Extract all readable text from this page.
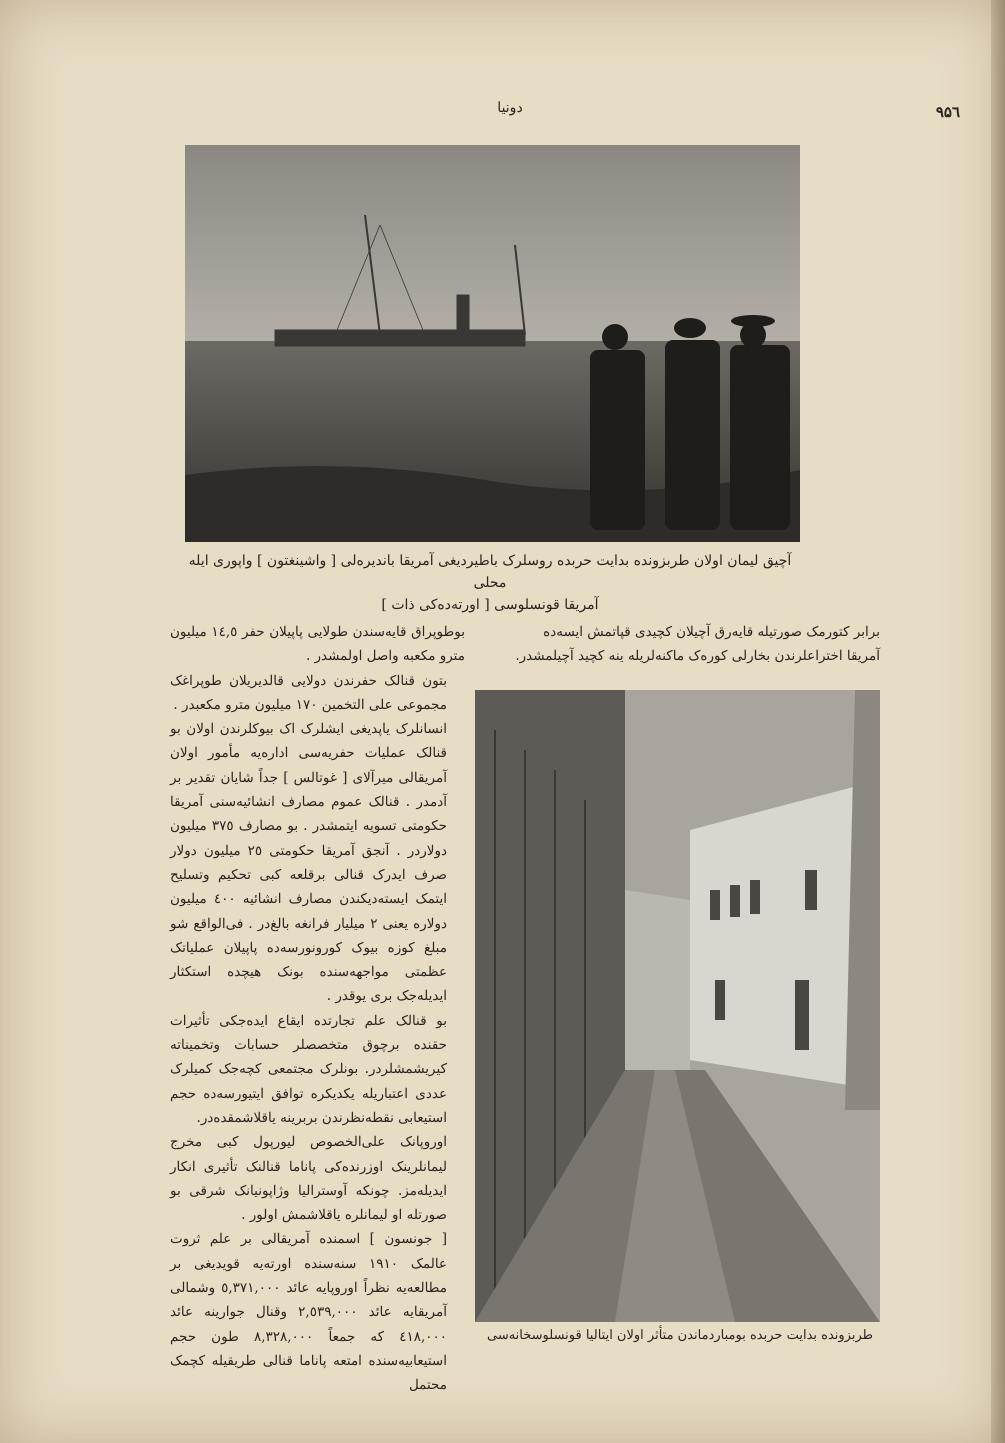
دونیا	۹۵٦
آچیق لیمان اولان طربزونده بدایت حربده روسلرک باطیردیغی آمریقا باندیره‌لی [ واشینغتون ] واپوری ایله محلی
آمریقا قونسلوسی [ اورته‌ده‌کی ذات ]

برابر کتورمک صورتیله قایه‌رق آچیلان کچیدی قپاتمش ایسه‌ده

آمریقا اختراعلرندن بخارلی کوره‌ک ماکنه‌لریله ینه کچید آچیلمشدر.

بوطوپراق قایه‌سندن طولایی پاپیلان حفر ۱٤,٥ میلیون مترو مکعبه واصل اولمشدر .

بتون قنالک حفرندن دولایی قالدیریلان طوپراغک مجموعی علی التخمین ۱۷۰ میلیون مترو مکعبدر .

انسانلرک یاپدیغی ایشلرک اک بیوکلرندن اولان بو قنالک عملیات حفریه‌سی اداره‌یه مأمور اولان آمریقالی میرآلای [ غوتالس ] جداً شایان تقدیر بر آدمدر . قنالک عموم مصارف انشائیه‌سنی آمریقا حکومتی تسویه ایتمشدر . بو مصارف ۳۷٥ میلیون دولاردر . آنجق آمریقا حکومتی ۲٥ میلیون دولار صرف ایدرک قنالی برقلعه کبی تحکیم وتسلیح ایتمک ایسته‌دیکندن مصارف انشائیه ٤۰۰ میلیون دولاره یعنی ۲ میلیار فرانغه بالغ‌در . فی‌الواقع شو مبلغ کوزه بیوک کورونورسه‌ده پاپیلان عملیاتک عظمتی مواجهه‌سنده بونک هیچده استکثار ایدیله‌جک بری یوقدر .

بو قنالک علم تجارتده ایقاع ایده‌جکی تأثیرات حقنده برچوق متخصصلر حسابات وتخمیناته کیریشمشلردر. بونلرک مجتمعی کچه‌جک کمیلرک عددی اعتباریله یکدیکره توافق ایتیورسه‌ده حجم استیعابی نقطه‌نظرندن بربرینه یاقلاشمقده‌در.

اوروپانک علی‌الخصوص لیورپول کبی مخرج لیمانلرینک اوزرنده‌کی پاناما قنالنک تأثیری انکار ایدیله‌مز. چونکه آوستراليا وژاپونیانک شرقی بو صورتله او لیمانلره یاقلاشمش اولور .

[ جونسون ] اسمنده آمریقالی بر علم ثروت عالمک ۱۹۱۰ سنه‌سنده اورته‌یه قویدیغی بر مطالعه‌یه نظراً اوروپایه عائد ٥,۳۷۱,۰۰۰ وشمالی آمریقایه عائد ۲,٥۳۹,۰۰۰ وقنال جوارینه عائد ٤۱۸,۰۰۰ که جمعاً ۸,۳۲۸,۰۰۰ طون حجم استیعابیه‌سنده امتعه پاناما قنالی طریقیله کچمک محتمل

طربزونده بدایت حربده بومباردماندن متأثر اولان ایتالیا قونسلوسخانه‌سی
